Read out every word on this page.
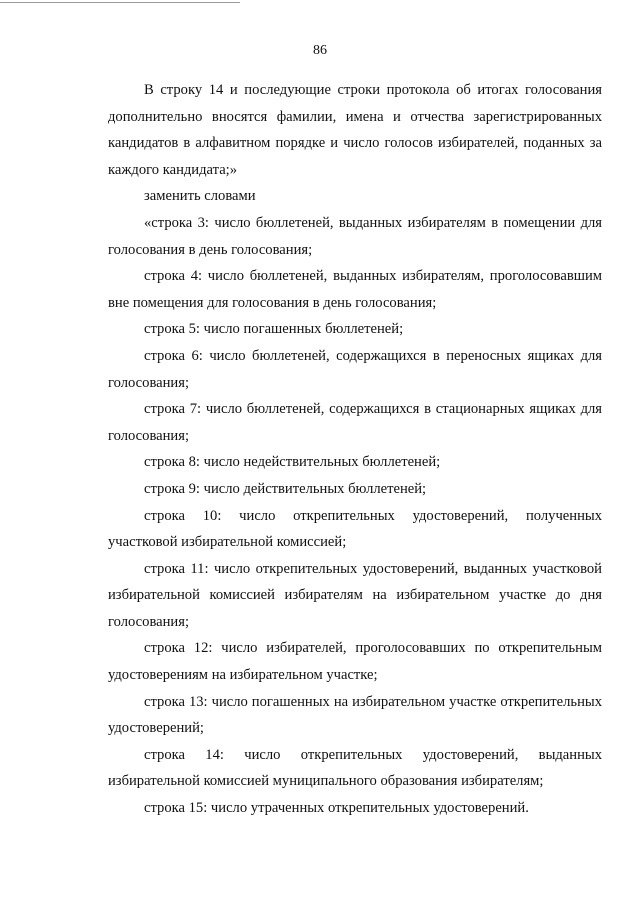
86

В строку 14 и последующие строки протокола об итогах голосования дополнительно вносятся фамилии, имена и отчества зарегистрированных кандидатов в алфавитном порядке и число голосов избирателей, поданных за каждого кандидата;»

заменить словами

«строка 3: число бюллетеней, выданных избирателям в помещении для голосования в день голосования;

строка 4: число бюллетеней, выданных избирателям, проголосовавшим вне помещения для голосования в день голосования;

строка 5: число погашенных бюллетеней;

строка 6: число бюллетеней, содержащихся в переносных ящиках для голосования;

строка 7: число бюллетеней, содержащихся в стационарных ящиках для голосования;

строка 8: число недействительных бюллетеней;

строка 9: число действительных бюллетеней;

строка 10: число открепительных удостоверений, полученных участковой избирательной комиссией;

строка 11: число открепительных удостоверений, выданных участковой избирательной комиссией избирателям на избирательном участке до дня голосования;

строка 12: число избирателей, проголосовавших по открепительным удостоверениям на избирательном участке;

строка 13: число погашенных на избирательном участке открепительных удостоверений;

строка 14: число открепительных удостоверений, выданных избирательной комиссией муниципального образования избирателям;

строка 15: число утраченных открепительных удостоверений.
